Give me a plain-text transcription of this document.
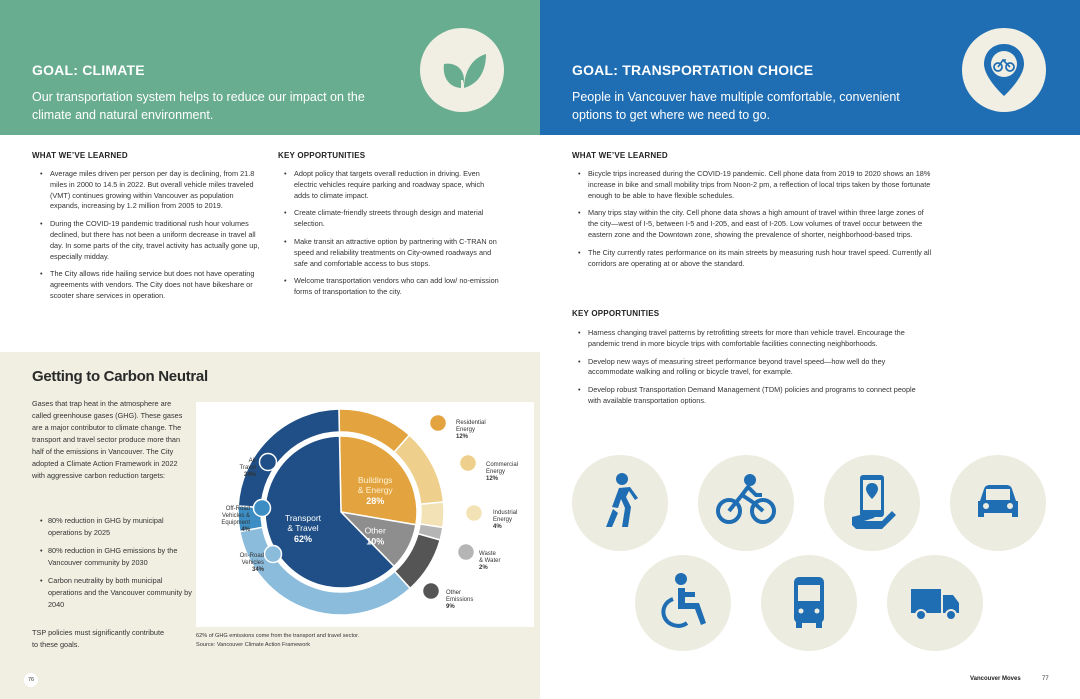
GOAL: CLIMATE
Our transportation system helps to reduce our impact on the climate and natural environment.
WHAT WE’VE LEARNED
• Average miles driven per person per day is declining, from 21.8 miles in 2000 to 14.5 in 2022. But overall vehicle miles traveled (VMT) continues growing within Vancouver as population expands, increasing by 1.2 million from 2005 to 2019.
• During the COVID-19 pandemic traditional rush hour volumes declined, but there has not been a uniform decrease in travel all day. In some parts of the city, travel activity has actually gone up, especially midday.
• The City allows ride hailing service but does not have operating agreements with vendors. The City does not have bikeshare or scooter share services in operation.
KEY OPPORTUNITIES
• Adopt policy that targets overall reduction in driving. Even electric vehicles require parking and roadway space, which adds to climate impact.
• Create climate-friendly streets through design and material selection.
• Make transit an attractive option by partnering with C-TRAN on speed and reliability treatments on City-owned roadways and safe and comfortable access to bus stops.
• Welcome transportation vendors who can add low/ no-emission forms of transportation to the city.
Getting to Carbon Neutral
Gases that trap heat in the atmosphere are called greenhouse gases (GHG). These gases are a major contributor to climate change. The transport and travel sector produce more than half of the emissions in Vancouver. The City adopted a Climate Action Framework in 2022 with aggressive carbon reduction targets:
• 80% reduction in GHG by municipal operations by 2025
• 80% reduction in GHG emissions by the Vancouver community by 2030
• Carbon neutrality by both municipal operations and the Vancouver community by 2040
TSP policies must significantly contribute to these goals.
Transport
& Travel
62%
Buildings
& Energy
28%
Other
10%
Residential
Energy
12%
Commercial
Energy
12%
Industrial
Energy
4%
Waste
& Water
2%
Other
Emissions
9%
On-Road
Vehicles
34%
Off-Road
Vehicles &
Equipment
4%
Air
Travel
24%
62% of GHG emissions come from the transport and travel sector.
Source: Vancouver Climate Action Framework
76
GOAL: TRANSPORTATION CHOICE
People in Vancouver have multiple comfortable, convenient options to get where we need to go.
WHAT WE’VE LEARNED
• Bicycle trips increased during the COVID-19 pandemic. Cell phone data from 2019 to 2020 shows an 18% increase in bike and small mobility trips from Noon-2 pm, a reflection of local trips taken by those fortunate enough to be able to have flexible schedules.
• Many trips stay within the city. Cell phone data shows a high amount of travel within three large zones of the city—west of I-5, between I-5 and I-205, and east of I-205. Low volumes of travel occur between the eastern zone and the Downtown zone, showing the prevalence of shorter, neighborhood-based trips.
• The City currently rates performance on its main streets by measuring rush hour travel speed. Currently all corridors are operating at or above the standard.
KEY OPPORTUNITIES
• Harness changing travel patterns by retrofitting streets for more than vehicle travel. Encourage the pandemic trend in more bicycle trips with comfortable facilities connecting neighborhoods.
• Develop new ways of measuring street performance beyond travel speed—how well do they accommodate walking and rolling or bicycle travel, for example.
• Develop robust Transportation Demand Management (TDM) policies and programs to connect people with available transportation options.
Vancouver Moves	77
